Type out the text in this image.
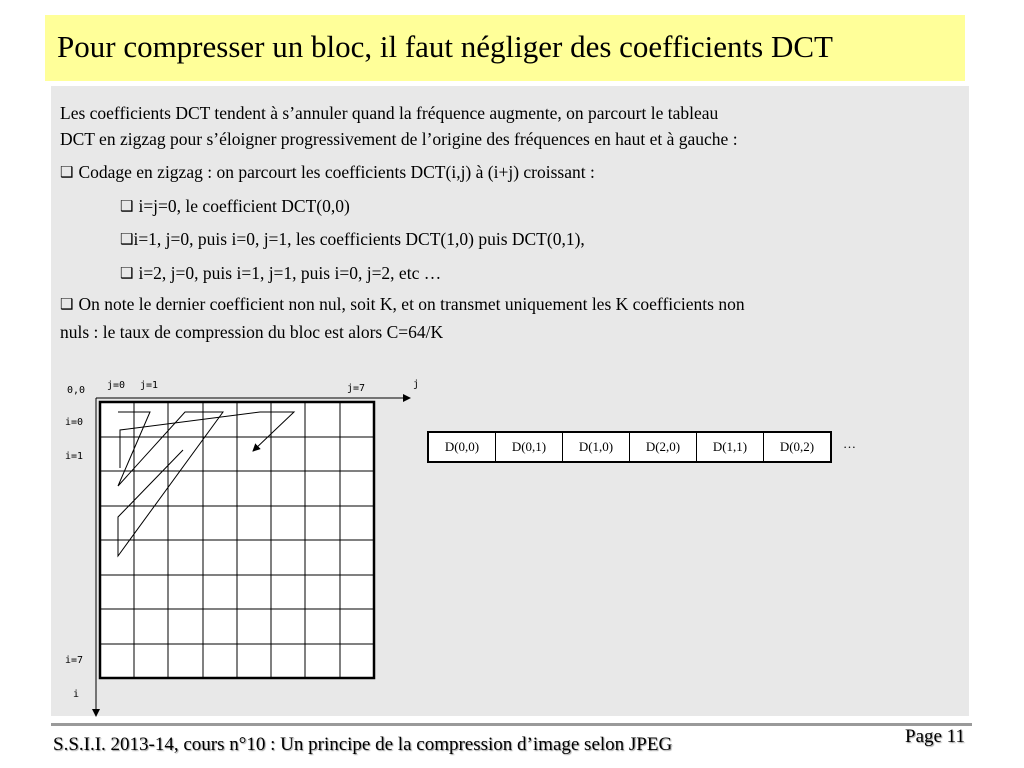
Pour compresser un bloc, il faut négliger des coefficients DCT
Les coefficients DCT tendent à s’annuler quand la fréquence augmente, on parcourt le tableau
DCT en zigzag pour s’éloigner progressivement de l’origine des fréquences en haut et à gauche :
❑ Codage en zigzag : on parcourt les coefficients DCT(i,j) à (i+j) croissant :
❑ i=j=0, le coefficient DCT(0,0)
❑i=1, j=0, puis i=0, j=1, les coefficients DCT(1,0) puis DCT(0,1),
❑ i=2, j=0, puis i=1, j=1, puis i=0, j=2, etc …
❑ On note le dernier coefficient non nul, soit K, et on transmet uniquement les K coefficients non
nuls : le taux de compression du bloc est alors C=64/K
0,0 j=0 j=1	j=7	j
i=0
i=1
i=7
i
D(0,0)	D(0,1)	D(1,0)	D(2,0)	D(1,1)	D(0,2) …
S.S.I.I. 2013-14, cours n°10 : Un principe de la compression d’image selon JPEG	Page 11
